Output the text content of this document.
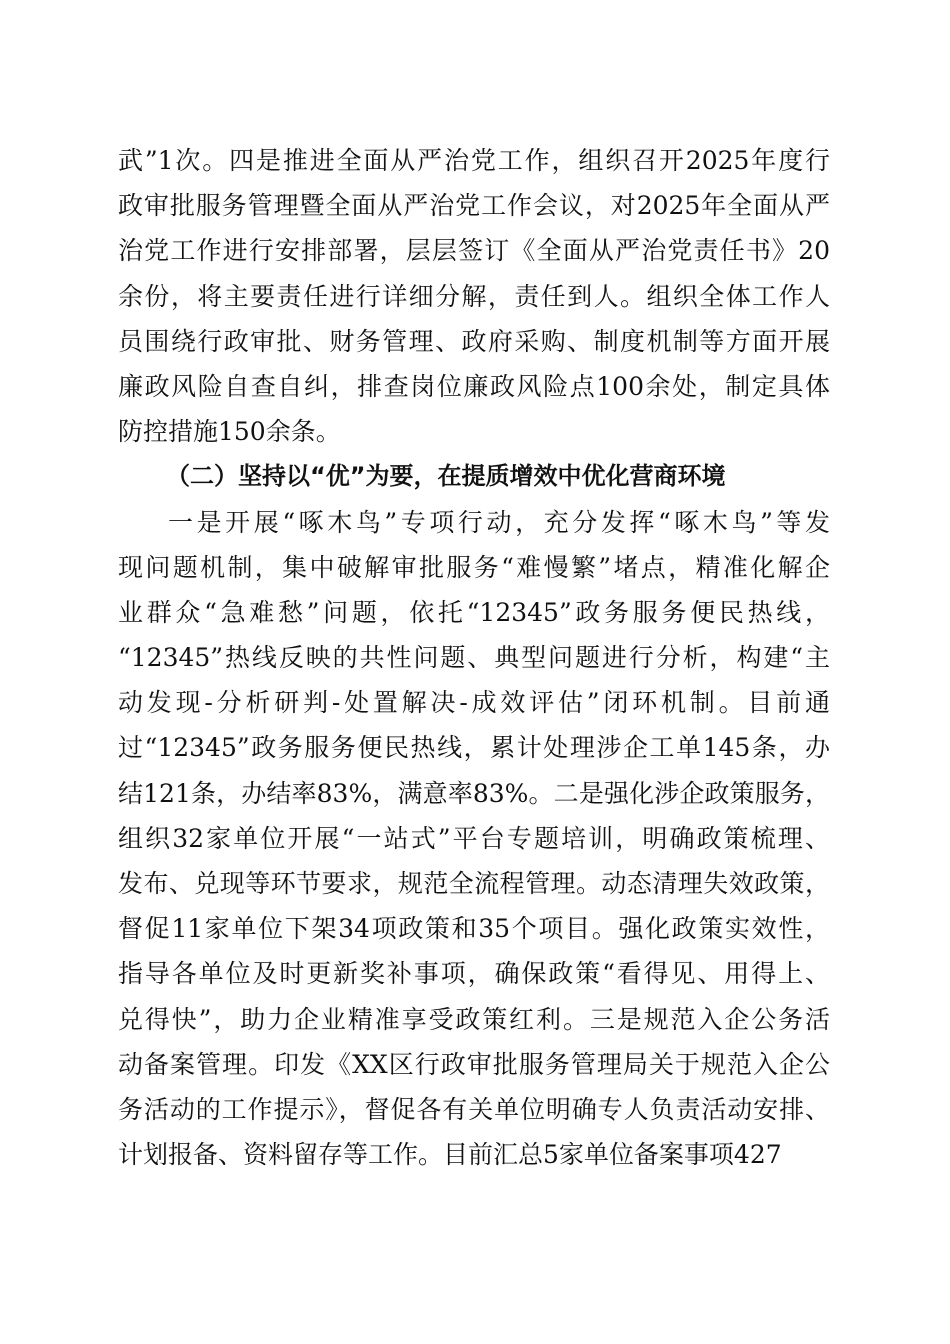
武”1次。四是推进全面从严治党工作，组织召开2025年度行
政审批服务管理暨全面从严治党工作会议，对2025年全面从严
治党工作进行安排部署，层层签订《全面从严治党责任书》20
余份，将主要责任进行详细分解，责任到人。组织全体工作人
员围绕行政审批、财务管理、政府采购、制度机制等方面开展
廉政风险自查自纠，排查岗位廉政风险点100余处，制定具体
防控措施150余条。
（二）坚持以“优”为要，在提质增效中优化营商环境
一是开展“啄木鸟”专项行动，充分发挥“啄木鸟”等发
现问题机制，集中破解审批服务“难慢繁”堵点，精准化解企
业群众“急难愁”问题，依托“12345”政务服务便民热线，
“12345”热线反映的共性问题、典型问题进行分析，构建“主
动发现-分析研判-处置解决-成效评估”闭环机制。目前通
过“12345”政务服务便民热线，累计处理涉企工单145条，办
结121条，办结率83%，满意率83%。二是强化涉企政策服务，
组织32家单位开展“一站式”平台专题培训，明确政策梳理、
发布、兑现等环节要求，规范全流程管理。动态清理失效政策，
督促11家单位下架34项政策和35个项目。强化政策实效性，
指导各单位及时更新奖补事项，确保政策“看得见、用得上、
兑得快”，助力企业精准享受政策红利。三是规范入企公务活
动备案管理。印发《XX区行政审批服务管理局关于规范入企公
务活动的工作提示》，督促各有关单位明确专人负责活动安排、
计划报备、资料留存等工作。目前汇总5家单位备案事项427
